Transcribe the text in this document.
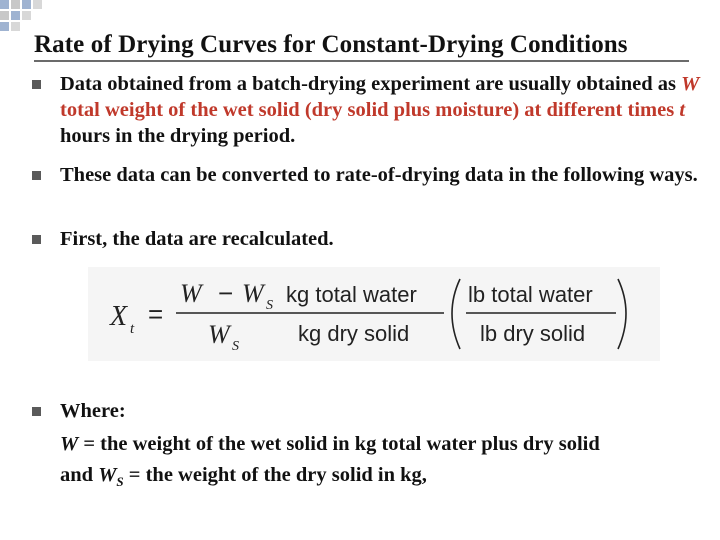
Rate of Drying Curves for Constant-Drying Conditions
Data obtained from a batch-drying experiment are usually obtained as W total weight of the wet solid (dry solid plus moisture) at different times t hours in the drying period.
These data can be converted to rate-of-drying data in the following ways.
First, the data are recalculated.
X t =
W − W S
W S
kg total water
kg dry solid
lb total water
lb dry solid
Where:
W = the weight of the wet solid in kg total water plus dry solid
and $W_S$ = the weight of the dry solid in kg,
